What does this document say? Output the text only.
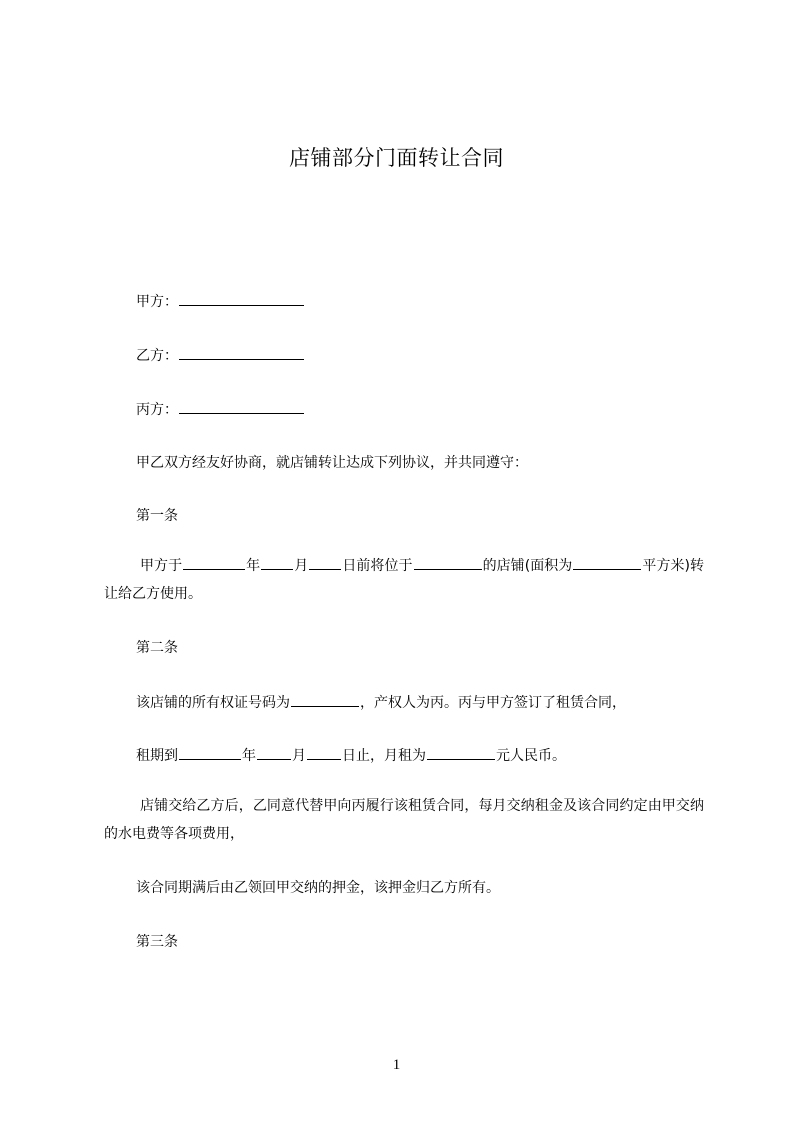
店铺部分门面转让合同
甲方：
乙方：
丙方：
甲乙双方经友好协商，就店铺转让达成下列协议，并共同遵守：
第一条
甲方于	年 月 日前将位于	的店铺(面积为	平方米)转让给乙方使用。
第二条
该店铺的所有权证号码为	，产权人为丙。丙与甲方签订了租赁合同，
租期到	年	月	日止，月租为	元人民币。
店铺交给乙方后，乙同意代替甲向丙履行该租赁合同，每月交纳租金及该合同约定由甲交纳的水电费等各项费用，
该合同期满后由乙领回甲交纳的押金，该押金归乙方所有。
第三条
1
